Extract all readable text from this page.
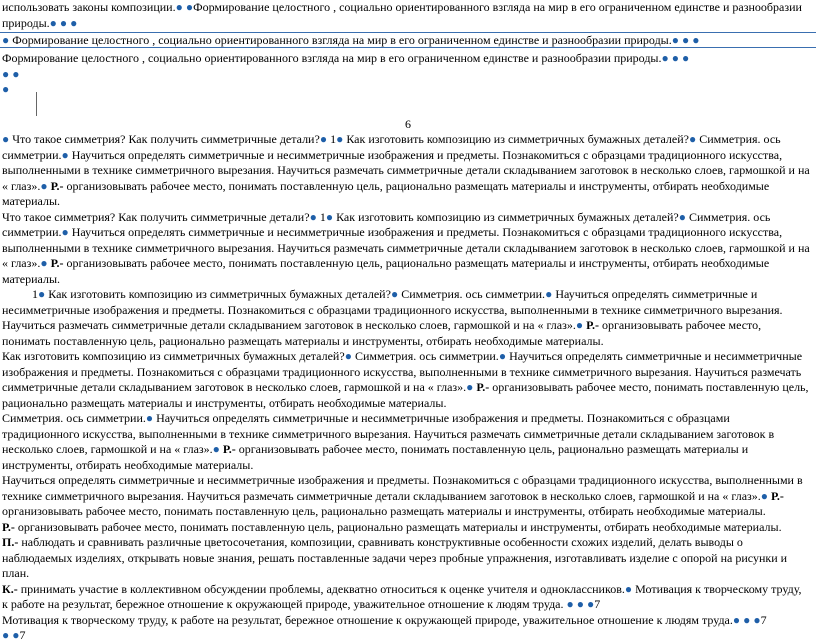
использовать законы композиции.● ●Формирование целостного , социально ориентированного взгляда на мир в его ограниченном единстве и разнообразии
природы.● ● ●

● Формирование целостного , социально ориентированного взгляда на мир в его ограниченном единстве и разнообразии природы.● ● ●

Формирование целостного , социально ориентированного взгляда на мир в его ограниченном единстве и разнообразии природы.● ● ●
● ●
●

6

● Что такое симметрия? Как получить симметричные детали?● 1● Как изготовить композицию из симметричных бумажных деталей?● Симметрия. ось симметрии.● Научиться определять симметричные и несимметричные изображения и предметы. Познакомиться с образцами традиционного искусства, выполненными в технике симметричного вырезания. Научиться размечать симметричные детали складыванием заготовок в несколько слоев, гармошкой и на « глаз».● Р.- организовывать рабочее место, понимать поставленную цель, рационально размещать материалы и инструменты, отбирать необходимые материалы.

Что такое симметрия? Как получить симметричные детали?● 1● Как изготовить композицию из симметричных бумажных деталей?● Симметрия. ось симметрии.● Научиться определять симметричные и несимметричные изображения и предметы. Познакомиться с образцами традиционного искусства, выполненными в технике симметричного вырезания. Научиться размечать симметричные детали складыванием заготовок в несколько слоев, гармошкой и на « глаз».● Р.- организовывать рабочее место, понимать поставленную цель, рационально размещать материалы и инструменты, отбирать необходимые материалы.

1● Как изготовить композицию из симметричных бумажных деталей?● Симметрия. ось симметрии.● Научиться определять симметричные и несимметричные изображения и предметы. Познакомиться с образцами традиционного искусства, выполненными в технике симметричного вырезания. Научиться размечать симметричные детали складыванием заготовок в несколько слоев, гармошкой и на « глаз».● Р.- организовывать рабочее место, понимать поставленную цель, рационально размещать материалы и инструменты, отбирать необходимые материалы.

Как изготовить композицию из симметричных бумажных деталей?● Симметрия. ось симметрии.● Научиться определять симметричные и несимметричные изображения и предметы. Познакомиться с образцами традиционного искусства, выполненными в технике симметричного вырезания. Научиться размечать симметричные детали складыванием заготовок в несколько слоев, гармошкой и на « глаз».● Р.- организовывать рабочее место, понимать поставленную цель, рационально размещать материалы и инструменты, отбирать необходимые материалы.

Симметрия. ось симметрии.● Научиться определять симметричные и несимметричные изображения и предметы. Познакомиться с образцами традиционного искусства, выполненными в технике симметричного вырезания. Научиться размечать симметричные детали складыванием заготовок в несколько слоев, гармошкой и на « глаз».● Р.- организовывать рабочее место, понимать поставленную цель, рационально размещать материалы и инструменты, отбирать необходимые материалы.

Научиться определять симметричные и несимметричные изображения и предметы. Познакомиться с образцами традиционного искусства, выполненными в технике симметричного вырезания. Научиться размечать симметричные детали складыванием заготовок в несколько слоев, гармошкой и на « глаз».● Р.- организовывать рабочее место, понимать поставленную цель, рационально размещать материалы и инструменты, отбирать необходимые материалы.

Р.- организовывать рабочее место, понимать поставленную цель, рационально размещать материалы и инструменты, отбирать необходимые материалы.
П.- наблюдать и сравнивать различные цветосочетания, композиции, сравнивать конструктивные особенности схожих изделий, делать выводы о наблюдаемых изделиях, открывать новые знания, решать поставленные задачи через пробные упражнения, изготавливать изделие с опорой на рисунки и план.
К.- принимать участие в коллективном обсуждении проблемы, адекватно относиться к оценке учителя и одноклассников.● Мотивация к творческому труду, к работе на результат, бережное отношение к окружающей природе, уважительное отношение к людям труда. ● ● ●7

Мотивация к творческому труду, к работе на результат, бережное отношение к окружающей природе, уважительное отношение к людям труда.● ● ●7

● ●7
